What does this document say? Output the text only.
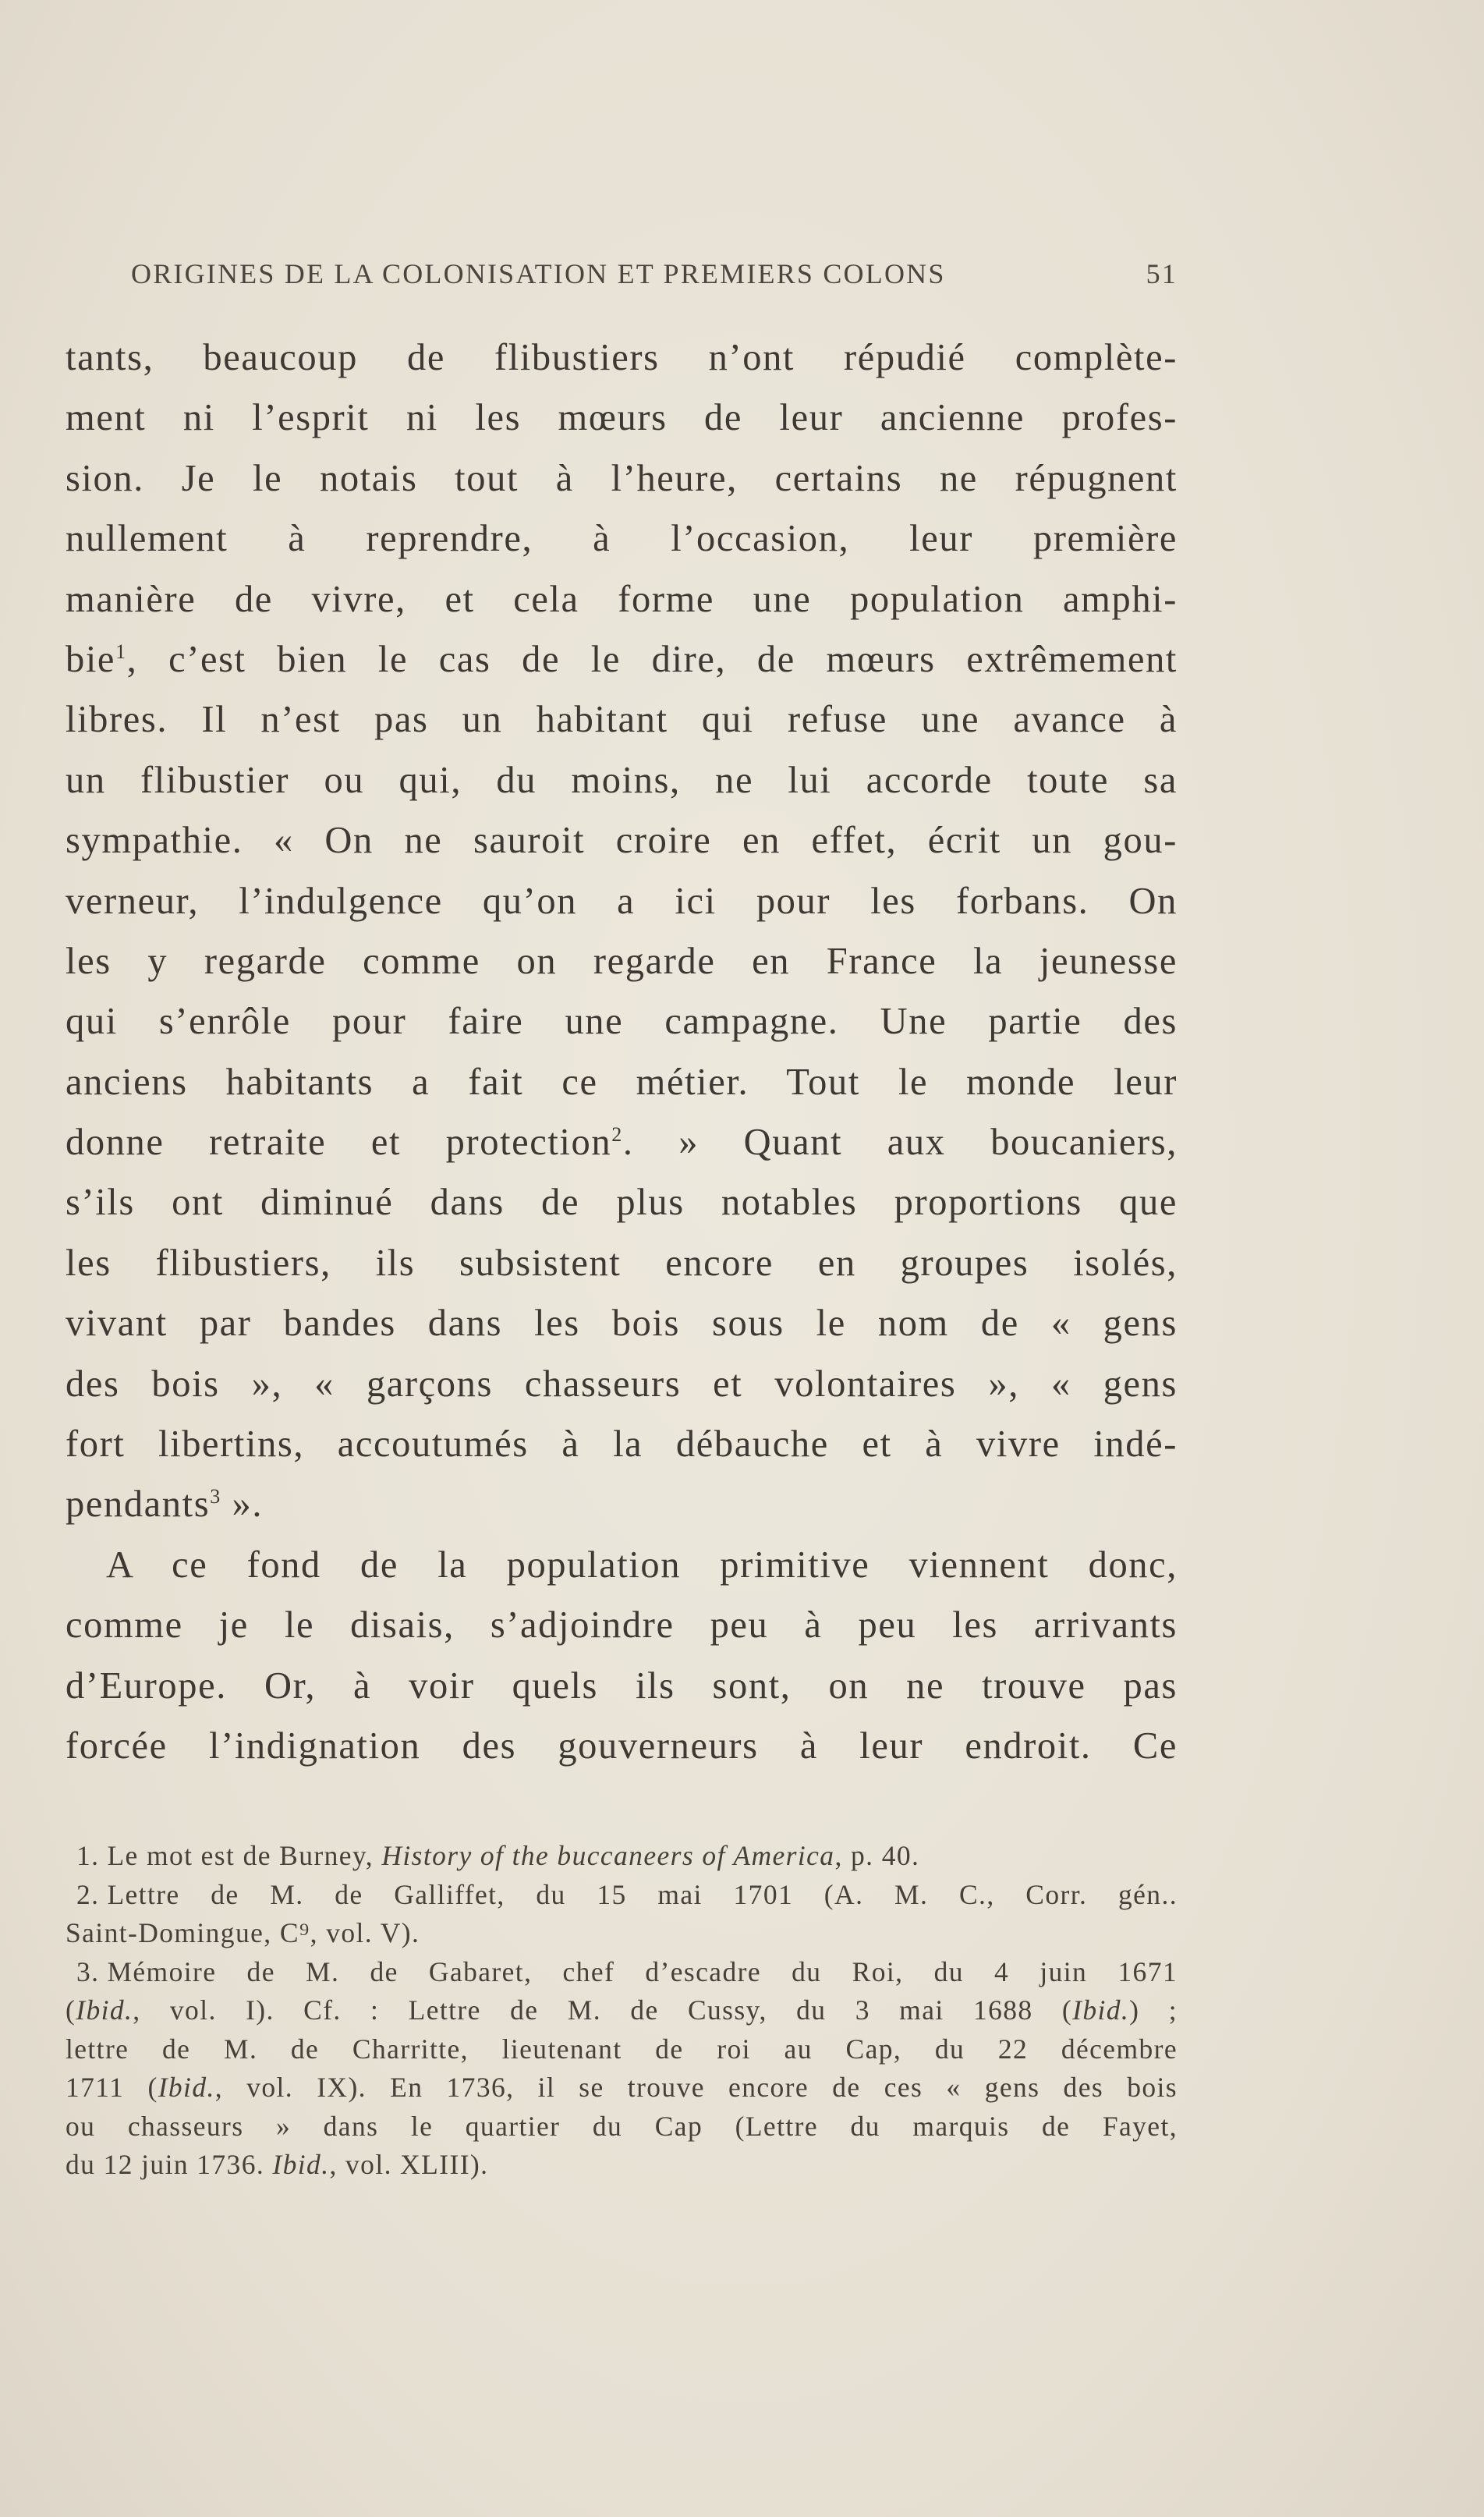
ORIGINES DE LA COLONISATION ET PREMIERS COLONS	51
tants, beaucoup de flibustiers n’ont répudié complète-
ment ni l’esprit ni les mœurs de leur ancienne profes-
sion. Je le notais tout à l’heure, certains ne répugnent
nullement à reprendre, à l’occasion, leur première
manière de vivre, et cela forme une population amphi-
bie$^1$, c’est bien le cas de le dire, de mœurs extrêmement
libres. Il n’est pas un habitant qui refuse une avance à
un flibustier ou qui, du moins, ne lui accorde toute sa
sympathie. « On ne sauroit croire en effet, écrit un gou-
verneur, l’indulgence qu’on a ici pour les forbans. On
les y regarde comme on regarde en France la jeunesse
qui s’enrôle pour faire une campagne. Une partie des
anciens habitants a fait ce métier. Tout le monde leur
donne retraite et protection$^2$. » Quant aux boucaniers,
s’ils ont diminué dans de plus notables proportions que
les flibustiers, ils subsistent encore en groupes isolés,
vivant par bandes dans les bois sous le nom de « gens
des bois », « garçons chasseurs et volontaires », « gens
fort libertins, accoutumés à la débauche et à vivre indé-
pendants$^3$ ».
A ce fond de la population primitive viennent donc,
comme je le disais, s’adjoindre peu à peu les arrivants
d’Europe. Or, à voir quels ils sont, on ne trouve pas
forcée l’indignation des gouverneurs à leur endroit. Ce
1. Le mot est de Burney, History of the buccaneers of America, p. 40.
2. Lettre de M. de Galliffet, du 15 mai 1701 (A. M. C., Corr. gén..
Saint-Domingue, C⁹, vol. V).
3. Mémoire de M. de Gabaret, chef d’escadre du Roi, du 4 juin 1671
(Ibid., vol. I). Cf. : Lettre de M. de Cussy, du 3 mai 1688 (Ibid.) ;
lettre de M. de Charritte, lieutenant de roi au Cap, du 22 décembre
1711 (Ibid., vol. IX). En 1736, il se trouve encore de ces « gens des bois
ou chasseurs » dans le quartier du Cap (Lettre du marquis de Fayet,
du 12 juin 1736. Ibid., vol. XLIII).
